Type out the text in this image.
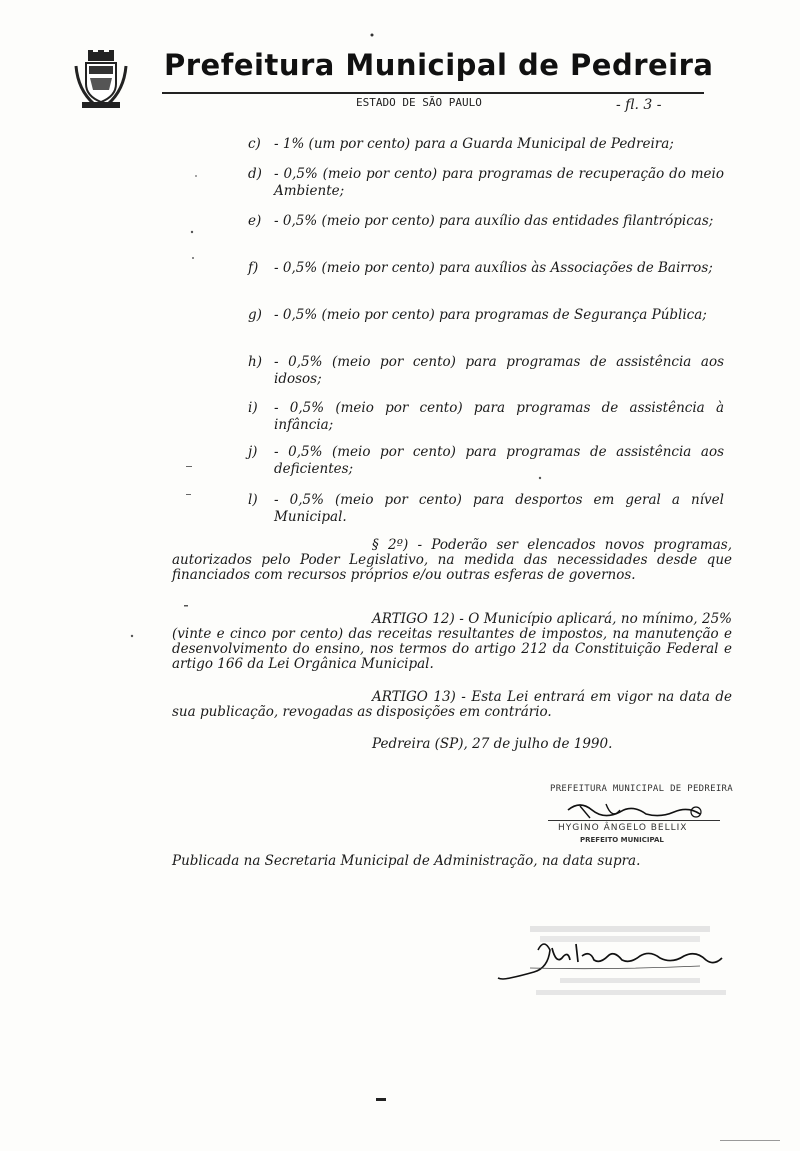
Prefeitura Municipal de Pedreira
ESTADO DE SÃO PAULO	- fl. 3 -
c) - 1% (um por cento) para a Guarda Municipal de Pedreira;
d) - 0,5% (meio por cento) para programas de recuperação do meio Ambiente;
e) - 0,5% (meio por cento) para auxílio das entidades filantrópicas;
f) - 0,5% (meio por cento) para auxílios às Associações de Bairros;
g) - 0,5% (meio por cento) para programas de Segurança Pública;
h) - 0,5% (meio por cento) para programas de assistência aos idosos;
i) - 0,5% (meio por cento) para programas de assistência à infância;
j) - 0,5% (meio por cento) para programas de assistência aos deficientes;
l) - 0,5% (meio por cento) para desportos em geral a nível Municipal.
§ 2º) - Poderão ser elencados novos programas, autorizados pelo Poder Legislativo, na medida das necessidades desde que financiados com recursos próprios e/ou outras esferas de governos.
ARTIGO 12) - O Município aplicará, no mínimo, 25% (vinte e cinco por cento) das receitas resultantes de impostos, na manutenção e desenvolvimento do ensino, nos termos do artigo 212 da Constituição Federal e artigo 166 da Lei Orgânica Municipal.
ARTIGO 13) - Esta Lei entrará em vigor na data de sua publicação, revogadas as disposições em contrário.
Pedreira (SP), 27 de julho de 1990.
PREFEITURA MUNICIPAL DE PEDREIRA
HYGINO ÂNGELO BELLIX
PREFEITO MUNICIPAL
Publicada na Secretaria Municipal de Administração, na data supra.
